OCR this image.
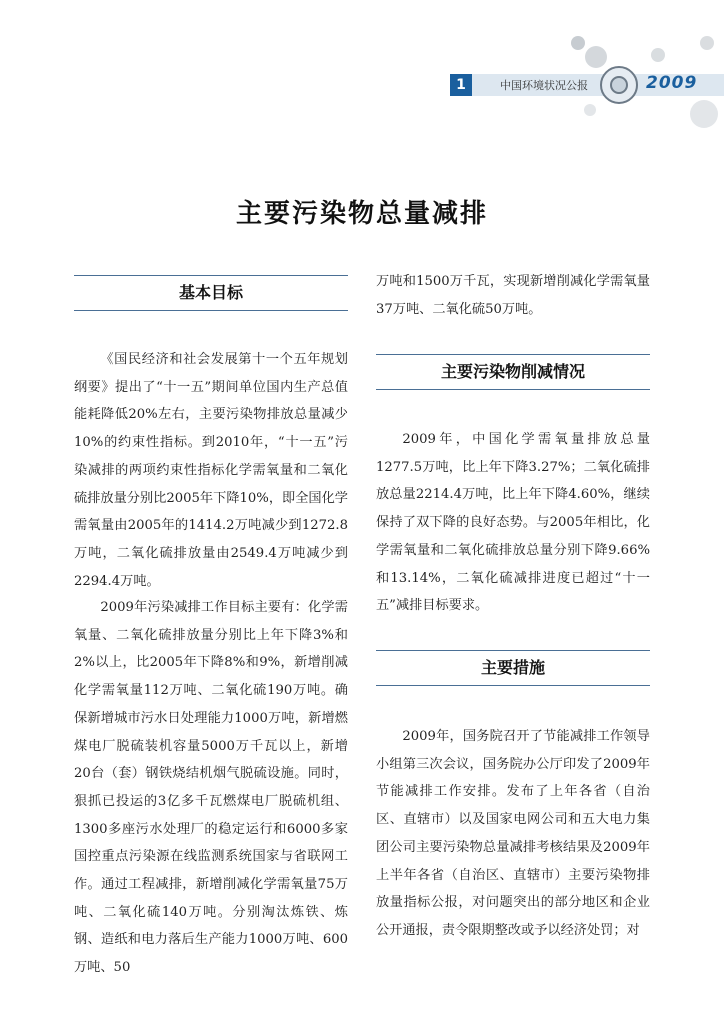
1	中国环境状况公报	2009
主要污染物总量减排
基本目标

《国民经济和社会发展第十一个五年规划纲要》提出了“十一五”期间单位国内生产总值能耗降低20%左右，主要污染物排放总量减少10%的约束性指标。到2010年，“十一五”污染减排的两项约束性指标化学需氧量和二氧化硫排放量分别比2005年下降10%，即全国化学需氧量由2005年的1414.2万吨减少到1272.8万吨，二氧化硫排放量由2549.4万吨减少到2294.4万吨。

2009年污染减排工作目标主要有：化学需氧量、二氧化硫排放量分别比上年下降3%和2%以上，比2005年下降8%和9%，新增削减化学需氧量112万吨、二氧化硫190万吨。确保新增城市污水日处理能力1000万吨，新增燃煤电厂脱硫装机容量5000万千瓦以上，新增20台（套）钢铁烧结机烟气脱硫设施。同时，狠抓已投运的3亿多千瓦燃煤电厂脱硫机组、1300多座污水处理厂的稳定运行和6000多家国控重点污染源在线监测系统国家与省联网工作。通过工程减排，新增削减化学需氧量75万吨、二氧化硫140万吨。分别淘汰炼铁、炼钢、造纸和电力落后生产能力1000万吨、600万吨、50

万吨和1500万千瓦，实现新增削减化学需氧量37万吨、二氧化硫50万吨。

主要污染物削减情况

2009年，中国化学需氧量排放总量1277.5万吨，比上年下降3.27%；二氧化硫排放总量2214.4万吨，比上年下降4.60%，继续保持了双下降的良好态势。与2005年相比，化学需氧量和二氧化硫排放总量分别下降9.66%和13.14%，二氧化硫减排进度已超过“十一五”减排目标要求。

主要措施

2009年，国务院召开了节能减排工作领导小组第三次会议，国务院办公厅印发了2009年节能减排工作安排。发布了上年各省（自治区、直辖市）以及国家电网公司和五大电力集团公司主要污染物总量减排考核结果及2009年上半年各省（自治区、直辖市）主要污染物排放量指标公报，对问题突出的部分地区和企业公开通报，责令限期整改或予以经济处罚；对
